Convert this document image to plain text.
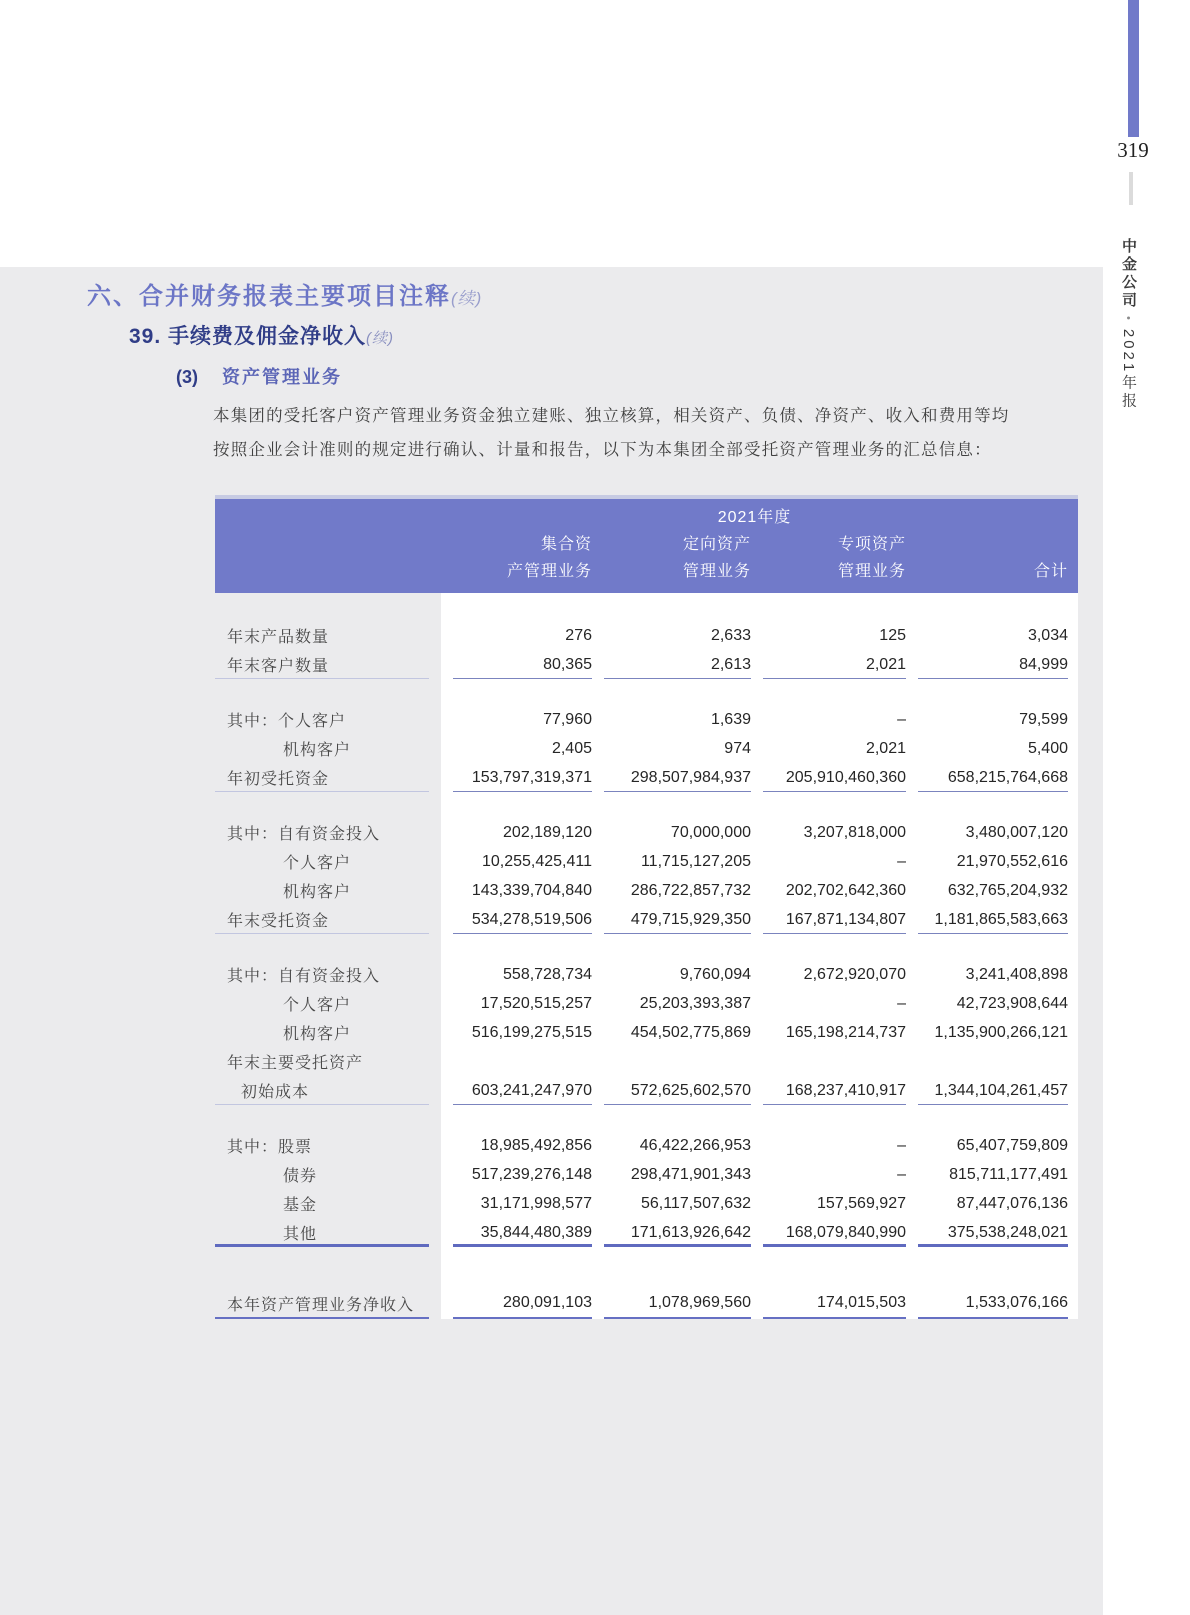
六、合并财务报表主要项目注释(续)
39. 手续费及佣金净收入(续)
(3) 资产管理业务
本集团的受托客户资产管理业务资金独立建账、独立核算，相关资产、负债、净资产、收入和费用等均
按照企业会计准则的规定进行确认、计量和报告，以下为本集团全部受托资产管理业务的汇总信息：
2021年度
集合资	定向资产	专项资产
产管理业务	管理业务	管理业务	合计
年末产品数量	276	2,633	125	3,034
年末客户数量	80,365	2,613	2,021	84,999
其中：个人客户	77,960	1,639	–	79,599
机构客户	2,405	974	2,021	5,400
年初受托资金	153,797,319,371	298,507,984,937	205,910,460,360	658,215,764,668
其中：自有资金投入	202,189,120	70,000,000	3,207,818,000	3,480,007,120
个人客户	10,255,425,411	11,715,127,205	–	21,970,552,616
机构客户	143,339,704,840	286,722,857,732	202,702,642,360	632,765,204,932
年末受托资金	534,278,519,506	479,715,929,350	167,871,134,807	1,181,865,583,663
其中：自有资金投入	558,728,734	9,760,094	2,672,920,070	3,241,408,898
个人客户	17,520,515,257	25,203,393,387	–	42,723,908,644
机构客户	516,199,275,515	454,502,775,869	165,198,214,737	1,135,900,266,121
年末主要受托资产
初始成本	603,241,247,970	572,625,602,570	168,237,410,917	1,344,104,261,457
其中：股票	18,985,492,856	46,422,266,953	–	65,407,759,809
债券	517,239,276,148	298,471,901,343	–	815,711,177,491
基金	31,171,998,577	56,117,507,632	157,569,927	87,447,076,136
其他	35,844,480,389	171,613,926,642	168,079,840,990	375,538,248,021
本年资产管理业务净收入	280,091,103	1,078,969,560	174,015,503	1,533,076,166
319
中金公司•2021年报
